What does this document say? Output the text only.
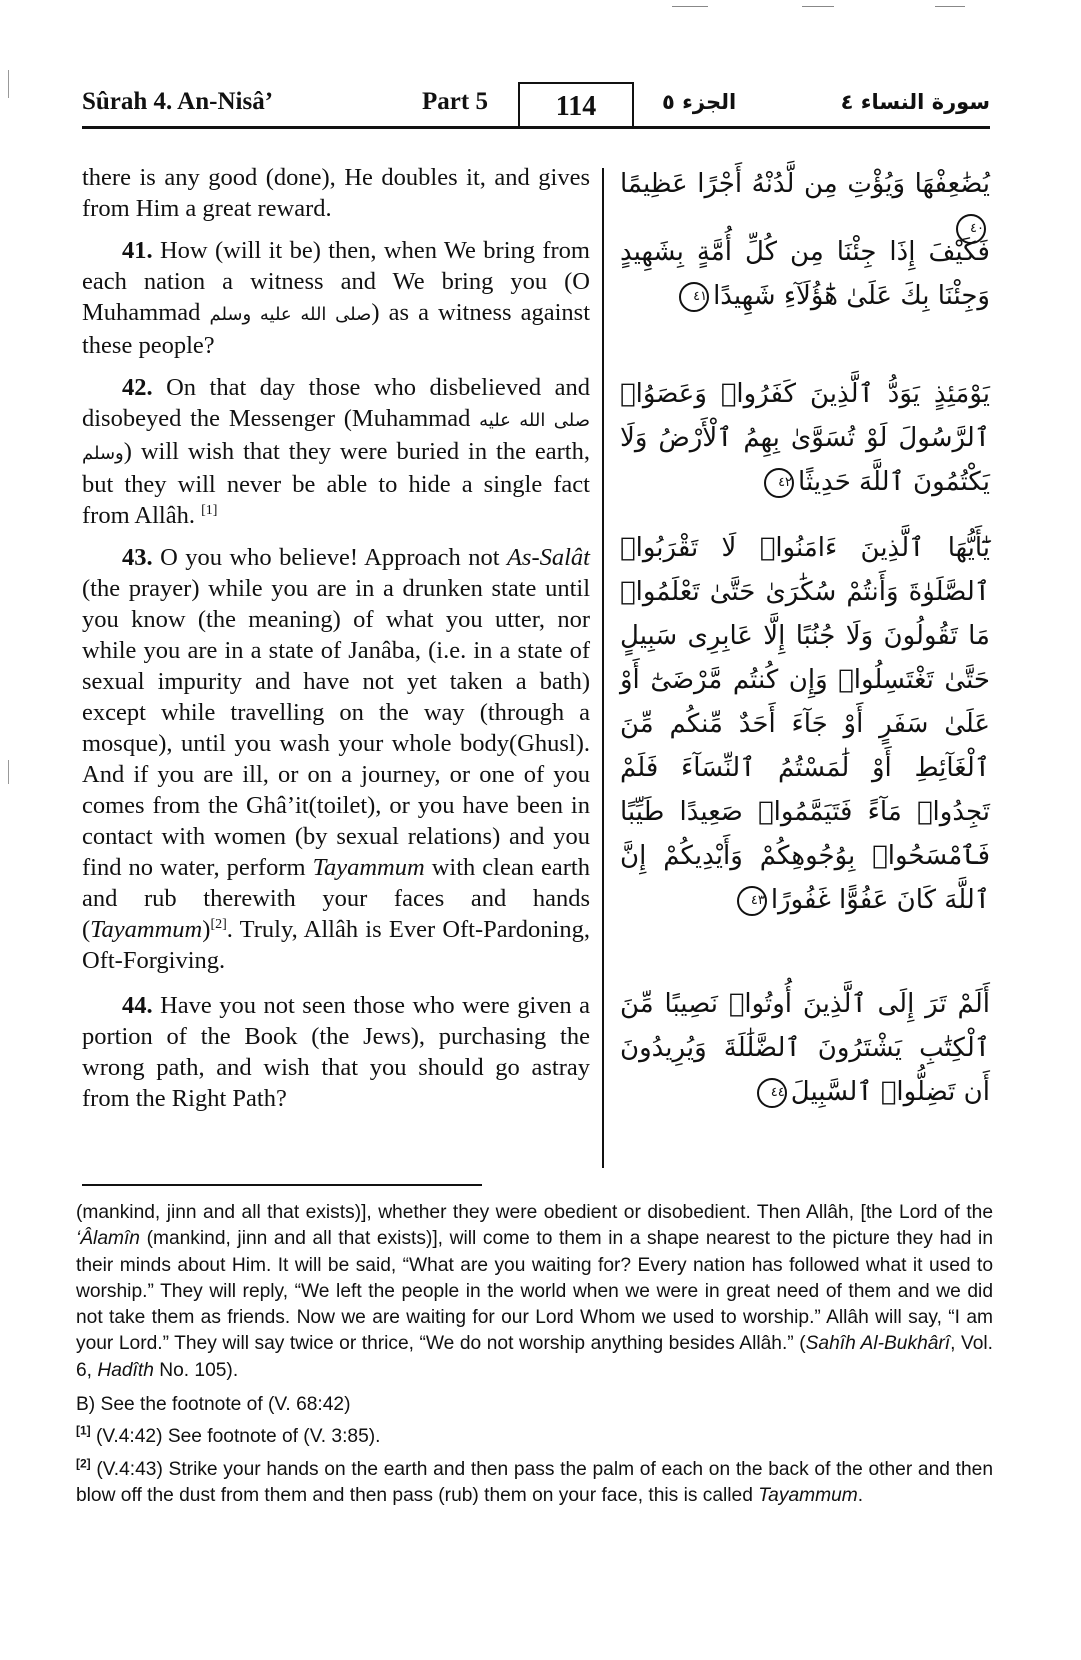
Sûrah 4. An-Nisâ’	Part 5	114	الجزء ٥	سورة النساء ٤

there is any good (done), He doubles it, and gives from Him a great reward.

41. How (will it be) then, when We bring from each nation a witness and We bring you (O Muhammad صلى الله عليه وسلم) as a witness against these people?

42. On that day those who disbelieved and disobeyed the Messenger (Muhammad صلى الله عليه وسلم) will wish that they were buried in the earth, but they will never be able to hide a single fact from Allâh. [1]

43. O you who believe! Approach not As-Salât (the prayer) while you are in a drunken state until you know (the meaning) of what you utter, nor while you are in a state of Janâba, (i.e. in a state of sexual impurity and have not yet taken a bath) except while travelling on the way (through a mosque), until you wash your whole body(Ghusl). And if you are ill, or on a journey, or one of you comes from the Ghâ’it(toilet), or you have been in contact with women (by sexual relations) and you find no water, perform Tayammum with clean earth and rub therewith your faces and hands (Tayammum)[2]. Truly, Allâh is Ever Oft-Pardoning, Oft-Forgiving.

44. Have you not seen those who were given a portion of the Book (the Jews), purchasing the wrong path, and wish that you should go astray from the Right Path?

يُضَٰعِفْهَا وَيُؤْتِ مِن لَّدُنْهُ أَجْرًا عَظِيمًا٤٠
فَكَيْفَ إِذَا جِئْنَا مِن كُلِّ أُمَّةٍ بِشَهِيدٍ وَجِئْنَا بِكَ عَلَىٰ هَٰٓؤُلَآءِ شَهِيدًا٤١
يَوْمَئِذٍ يَوَدُّ ٱلَّذِينَ كَفَرُوا۟ وَعَصَوُا۟ ٱلرَّسُولَ لَوْ تُسَوَّىٰ بِهِمُ ٱلْأَرْضُ وَلَا يَكْتُمُونَ ٱللَّهَ حَدِيثًا٤٢
يَٰٓأَيُّهَا ٱلَّذِينَ ءَامَنُوا۟ لَا تَقْرَبُوا۟ ٱلصَّلَوٰةَ وَأَنتُمْ سُكَٰرَىٰ حَتَّىٰ تَعْلَمُوا۟ مَا تَقُولُونَ وَلَا جُنُبًا إِلَّا عَابِرِى سَبِيلٍ حَتَّىٰ تَغْتَسِلُوا۟ وَإِن كُنتُم مَّرْضَىٰٓ أَوْ عَلَىٰ سَفَرٍ أَوْ جَآءَ أَحَدٌ مِّنكُم مِّنَ ٱلْغَآئِطِ أَوْ لَٰمَسْتُمُ ٱلنِّسَآءَ فَلَمْ تَجِدُوا۟ مَآءً فَتَيَمَّمُوا۟ صَعِيدًا طَيِّبًا فَٱمْسَحُوا۟ بِوُجُوهِكُمْ وَأَيْدِيكُمْ إِنَّ ٱللَّهَ كَانَ عَفُوًّا غَفُورًا٤٣
أَلَمْ تَرَ إِلَى ٱلَّذِينَ أُوتُوا۟ نَصِيبًا مِّنَ ٱلْكِتَٰبِ يَشْتَرُونَ ٱلضَّلَٰلَةَ وَيُرِيدُونَ أَن تَضِلُّوا۟ ٱلسَّبِيلَ٤٤

(mankind, jinn and all that exists)], whether they were obedient or disobedient. Then Allâh, [the Lord of the ‘Âlamîn (mankind, jinn and all that exists)], will come to them in a shape nearest to the picture they had in their minds about Him. It will be said, “What are you waiting for? Every nation has followed what it used to worship.” They will reply, “We left the people in the world when we were in great need of them and we did not take them as friends. Now we are waiting for our Lord Whom we used to worship.” Allâh will say, “I am your Lord.” They will say twice or thrice, “We do not worship anything besides Allâh.” (Sahîh Al-Bukhârî, Vol. 6, Hadîth No. 105).

B) See the footnote of (V. 68:42)

[1] (V.4:42) See footnote of (V. 3:85).

[2] (V.4:43) Strike your hands on the earth and then pass the palm of each on the back of the other and then blow off the dust from them and then pass (rub) them on your face, this is called Tayammum.
